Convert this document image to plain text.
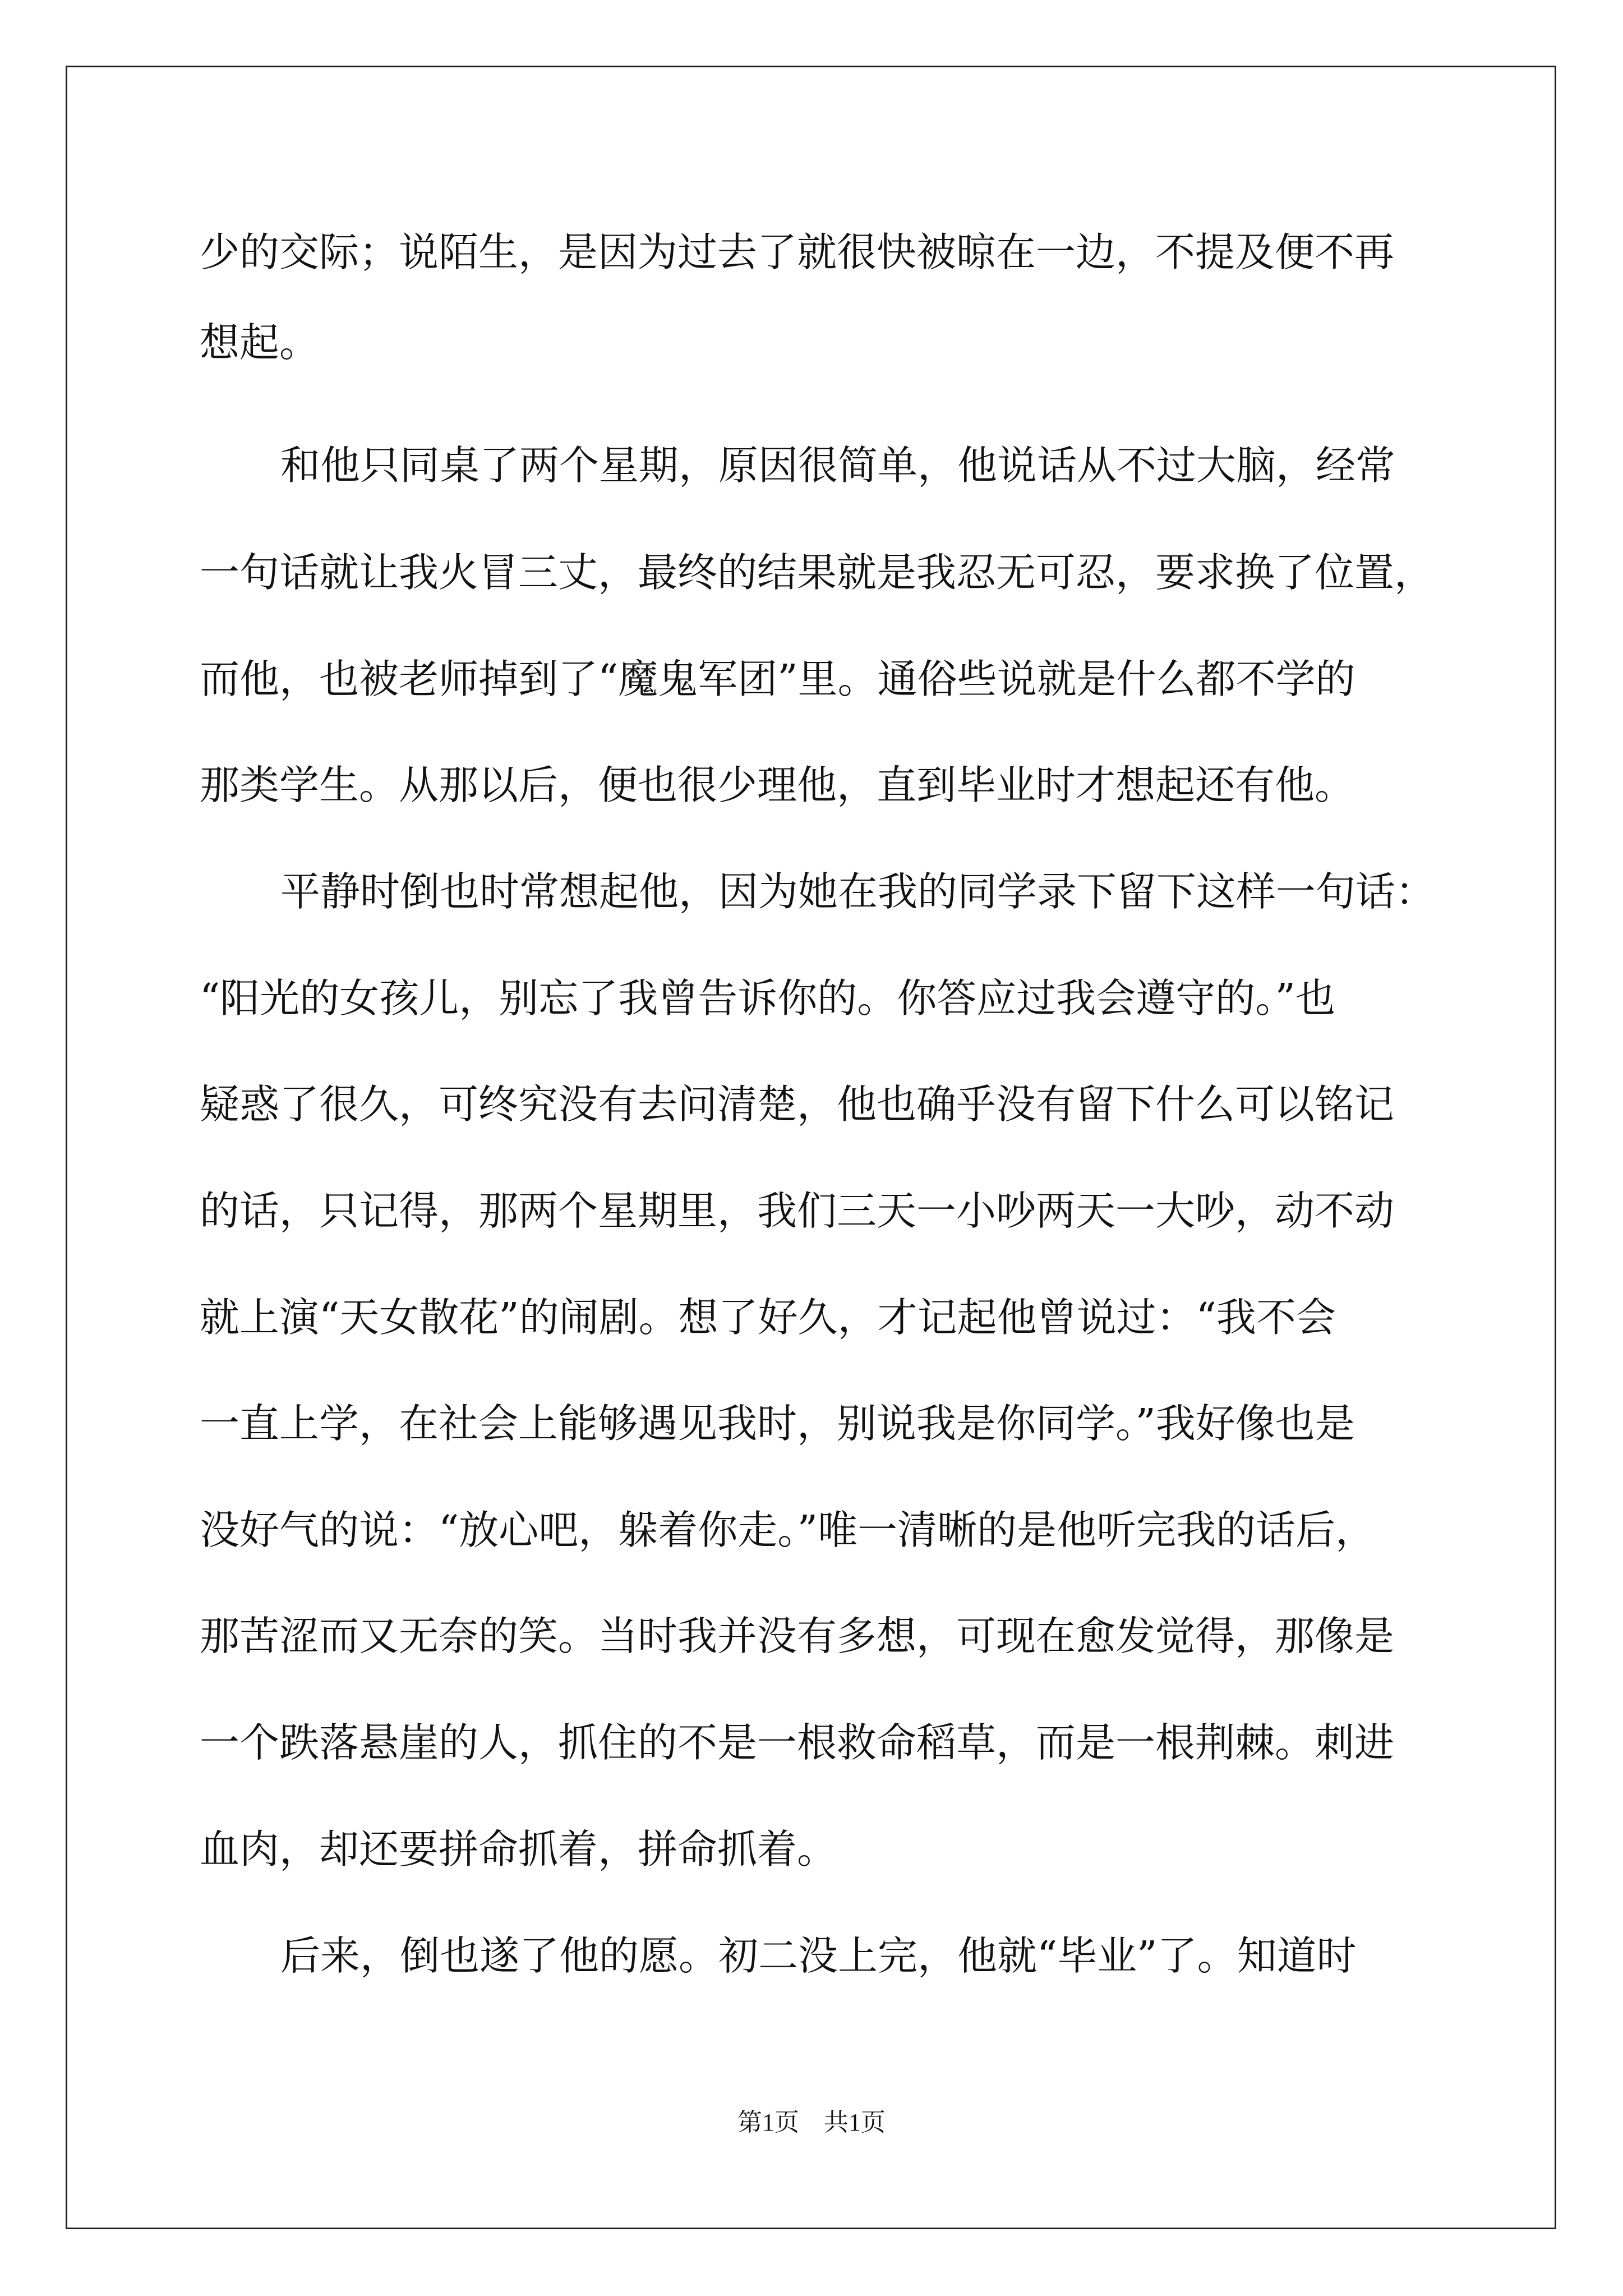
少的交际；说陌生，是因为过去了就很快被晾在一边，不提及便不再
想起。
和他只同桌了两个星期，原因很简单，他说话从不过大脑，经常
一句话就让我火冒三丈，最终的结果就是我忍无可忍，要求换了位置，
而他，也被老师掉到了“魔鬼军团”里。通俗些说就是什么都不学的
那类学生。从那以后，便也很少理他，直到毕业时才想起还有他。
平静时倒也时常想起他，因为她在我的同学录下留下这样一句话：
“阳光的女孩儿，别忘了我曾告诉你的。你答应过我会遵守的。”也
疑惑了很久，可终究没有去问清楚，他也确乎没有留下什么可以铭记
的话，只记得，那两个星期里，我们三天一小吵两天一大吵，动不动
就上演“天女散花”的闹剧。想了好久，才记起他曾说过：“我不会
一直上学，在社会上能够遇见我时，别说我是你同学。”我好像也是
没好气的说：“放心吧，躲着你走。”唯一清晰的是他听完我的话后，
那苦涩而又无奈的笑。当时我并没有多想，可现在愈发觉得，那像是
一个跌落悬崖的人，抓住的不是一根救命稻草，而是一根荆棘。刺进
血肉，却还要拼命抓着，拼命抓着。
后来，倒也遂了他的愿。初二没上完，他就“毕业”了。知道时
第1页　共1页
